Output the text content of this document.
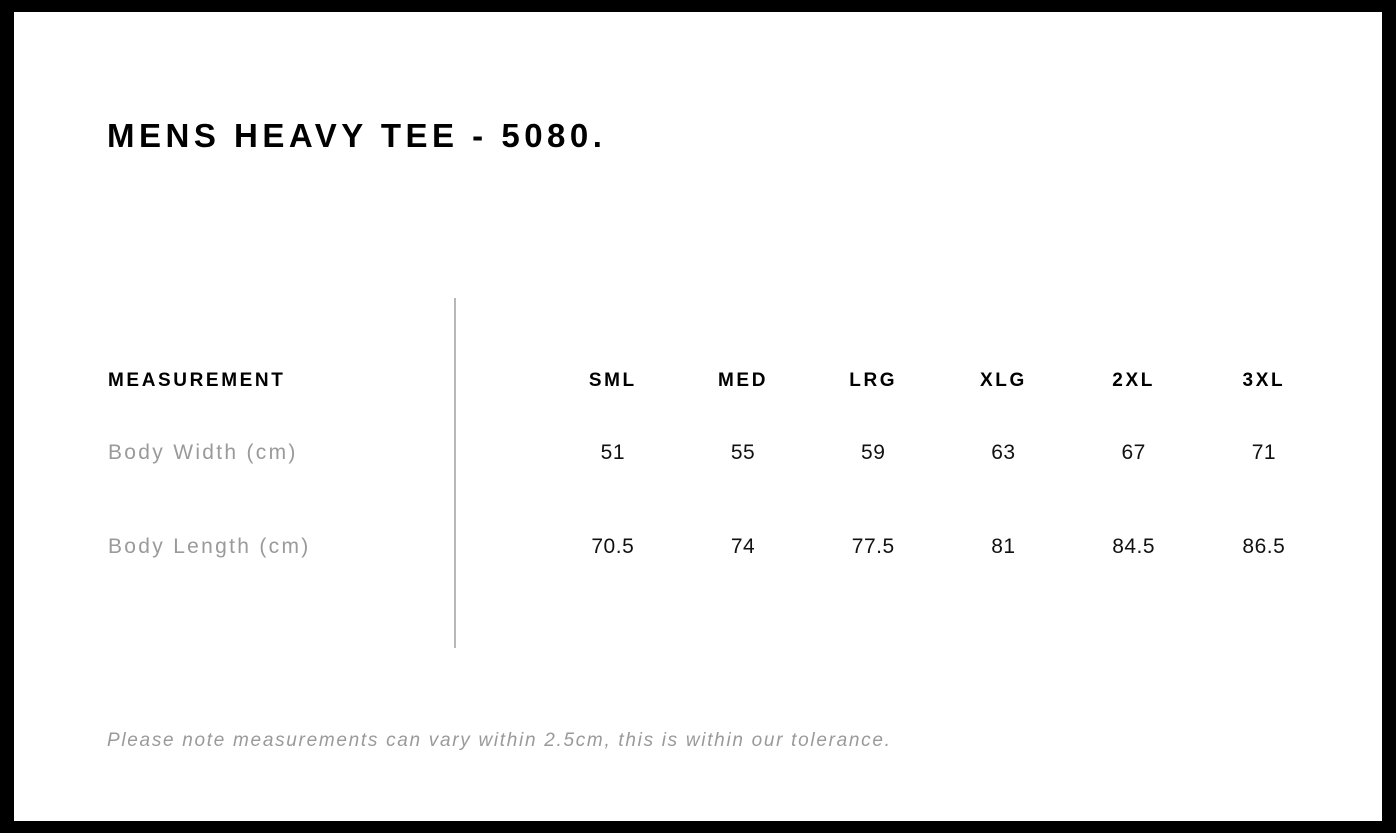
MENS HEAVY TEE - 5080.
MEASUREMENT	SML	MED	LRG	XLG	2XL	3XL
Body Width (cm)	51	55	59	63	67	71
Body Length (cm)	70.5	74	77.5	81	84.5	86.5
Please note measurements can vary within 2.5cm, this is within our tolerance.
